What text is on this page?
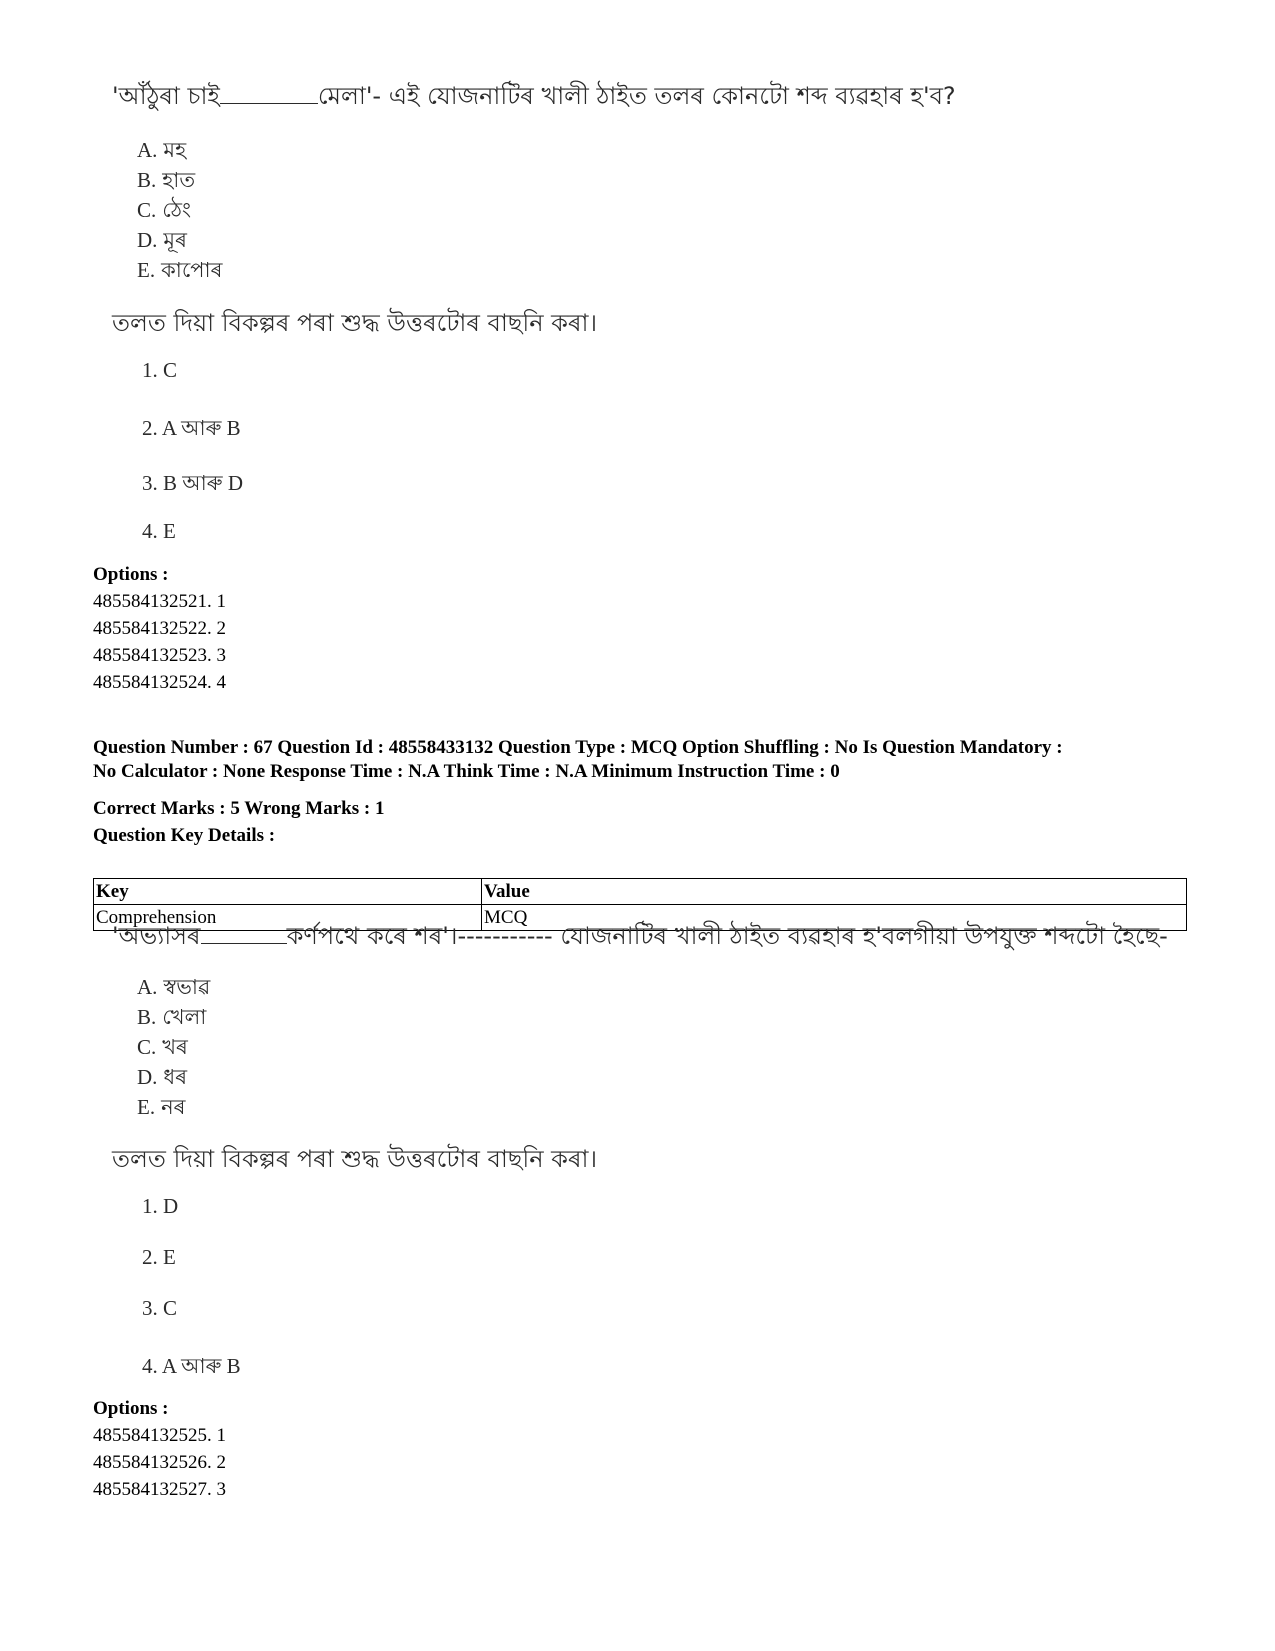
'আঁঠুৰা চাই	মেলা'- এই যোজনাটিৰ খালী ঠাইত তলৰ কোনটো শব্দ ব্যৱহাৰ হ'ব?
A. মহ
B. হাত
C. ঠেং
D. মূৰ
E. কাপোৰ
তলত দিয়া বিকল্পৰ পৰা শুদ্ধ উত্তৰটোৰ বাছনি কৰা।
1. C
2. A আৰু B
3. B আৰু D
4. E
Options :
485584132521. 1
485584132522. 2
485584132523. 3
485584132524. 4
Question Number : 67 Question Id : 48558433132 Question Type : MCQ Option Shuffling : No Is Question Mandatory :
No Calculator : None Response Time : N.A Think Time : N.A Minimum Instruction Time : 0
Correct Marks : 5 Wrong Marks : 1
Question Key Details :
Key	Value
Comprehension	MCQ
'অভ্যাসৰ	কৰ্ণপথে কৰে শৰ'।----------- যোজনাটিৰ খালী ঠাইত ব্যৱহাৰ হ'বলগীয়া উপযুক্ত শব্দটো হৈছে-
A. স্বভাৱ
B. খেলা
C. খৰ
D. ধৰ
E. নৰ
তলত দিয়া বিকল্পৰ পৰা শুদ্ধ উত্তৰটোৰ বাছনি কৰা।
1. D
2. E
3. C
4. A আৰু B
Options :
485584132525. 1
485584132526. 2
485584132527. 3
